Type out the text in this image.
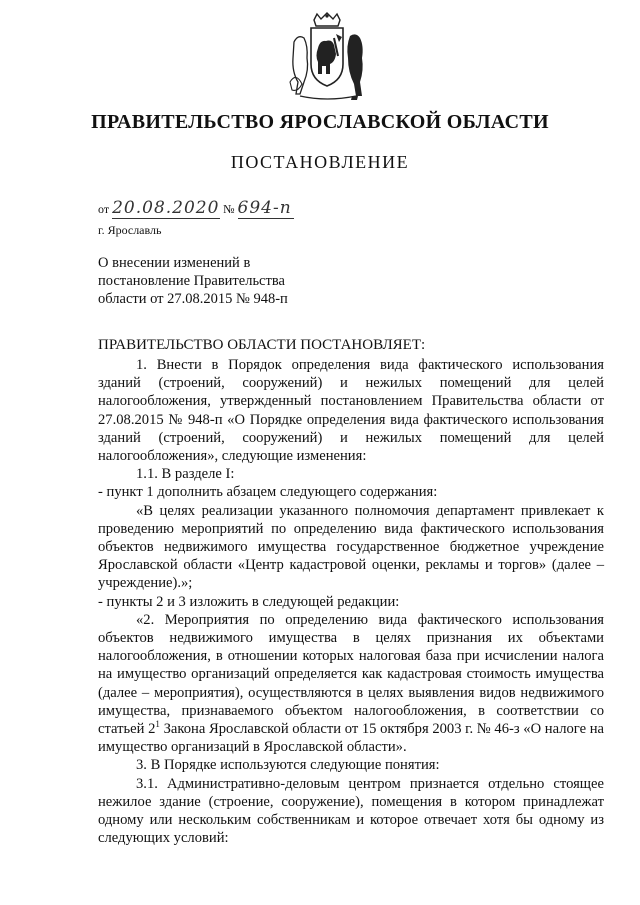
ПРАВИТЕЛЬСТВО ЯРОСЛАВСКОЙ ОБЛАСТИ
ПОСТАНОВЛЕНИЕ
от 20.08.2020 № 694-п
г. Ярославль
О внесении изменений в
постановление Правительства
области от 27.08.2015 № 948-п
ПРАВИТЕЛЬСТВО ОБЛАСТИ ПОСТАНОВЛЯЕТ:

1. Внести в Порядок определения вида фактического использования зданий (строений, сооружений) и нежилых помещений для целей налогообложения, утвержденный постановлением Правительства области от 27.08.2015 № 948-п «О Порядке определения вида фактического использования зданий (строений, сооружений) и нежилых помещений для целей налогообложения», следующие изменения:

1.1. В разделе I:

- пункт 1 дополнить абзацем следующего содержания:

«В целях реализации указанного полномочия департамент привлекает к проведению мероприятий по определению вида фактического использования объектов недвижимого имущества государственное бюджетное учреждение Ярославской области «Центр кадастровой оценки, рекламы и торгов» (далее – учреждение).»;

- пункты 2 и 3 изложить в следующей редакции:

«2. Мероприятия по определению вида фактического использования объектов недвижимого имущества в целях признания их объектами налогообложения, в отношении которых налоговая база при исчислении налога на имущество организаций определяется как кадастровая стоимость имущества (далее – мероприятия), осуществляются в целях выявления видов недвижимого имущества, признаваемого объектом налогообложения, в соответствии со статьей $2^1$ Закона Ярославской области от 15 октября 2003 г. № 46-з «О налоге на имущество организаций в Ярославской области».

3. В Порядке используются следующие понятия:

3.1. Административно-деловым центром признается отдельно стоящее нежилое здание (строение, сооружение), помещения в котором принадлежат одному или нескольким собственникам и которое отвечает хотя бы одному из следующих условий:
